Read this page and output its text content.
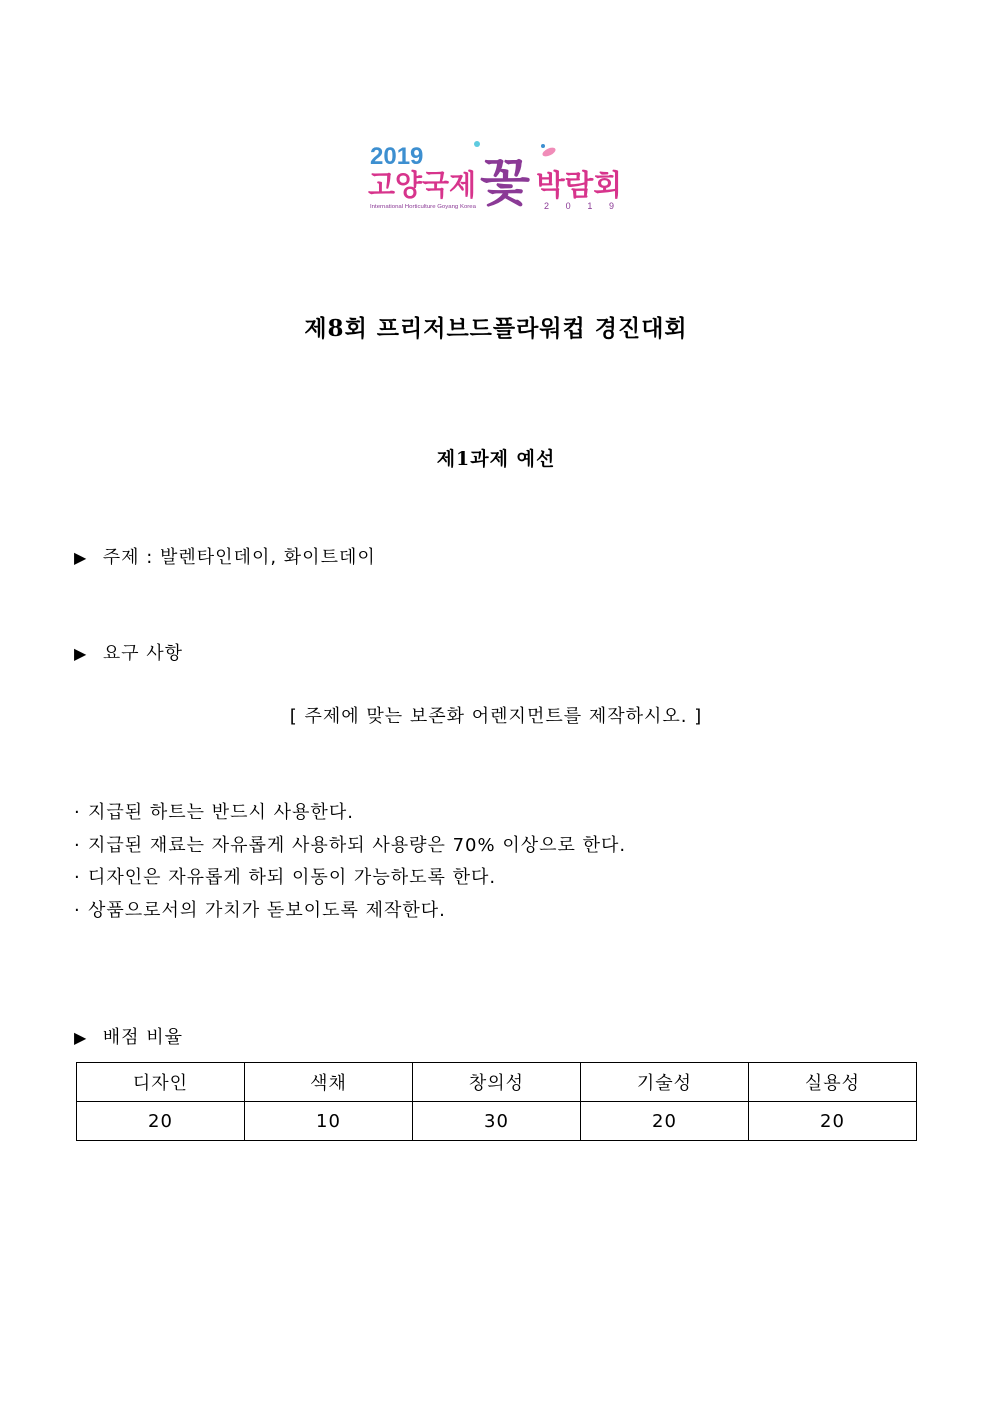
2019
고양국제 꽃 박람회
International Horticulture Goyang Korea	2 0 1 9
제8회 프리저브드플라워컵 경진대회
제1과제 예선
▶ 주제 : 발렌타인데이, 화이트데이
▶ 요구 사항
[ 주제에 맞는 보존화 어렌지먼트를 제작하시오. ]
· 지급된 하트는 반드시 사용한다.
· 지급된 재료는 자유롭게 사용하되 사용량은 70% 이상으로 한다.
· 디자인은 자유롭게 하되 이동이 가능하도록 한다.
· 상품으로서의 가치가 돋보이도록 제작한다.
▶ 배점 비율
디자인	색채	창의성	기술성	실용성
20	10	30	20	20
